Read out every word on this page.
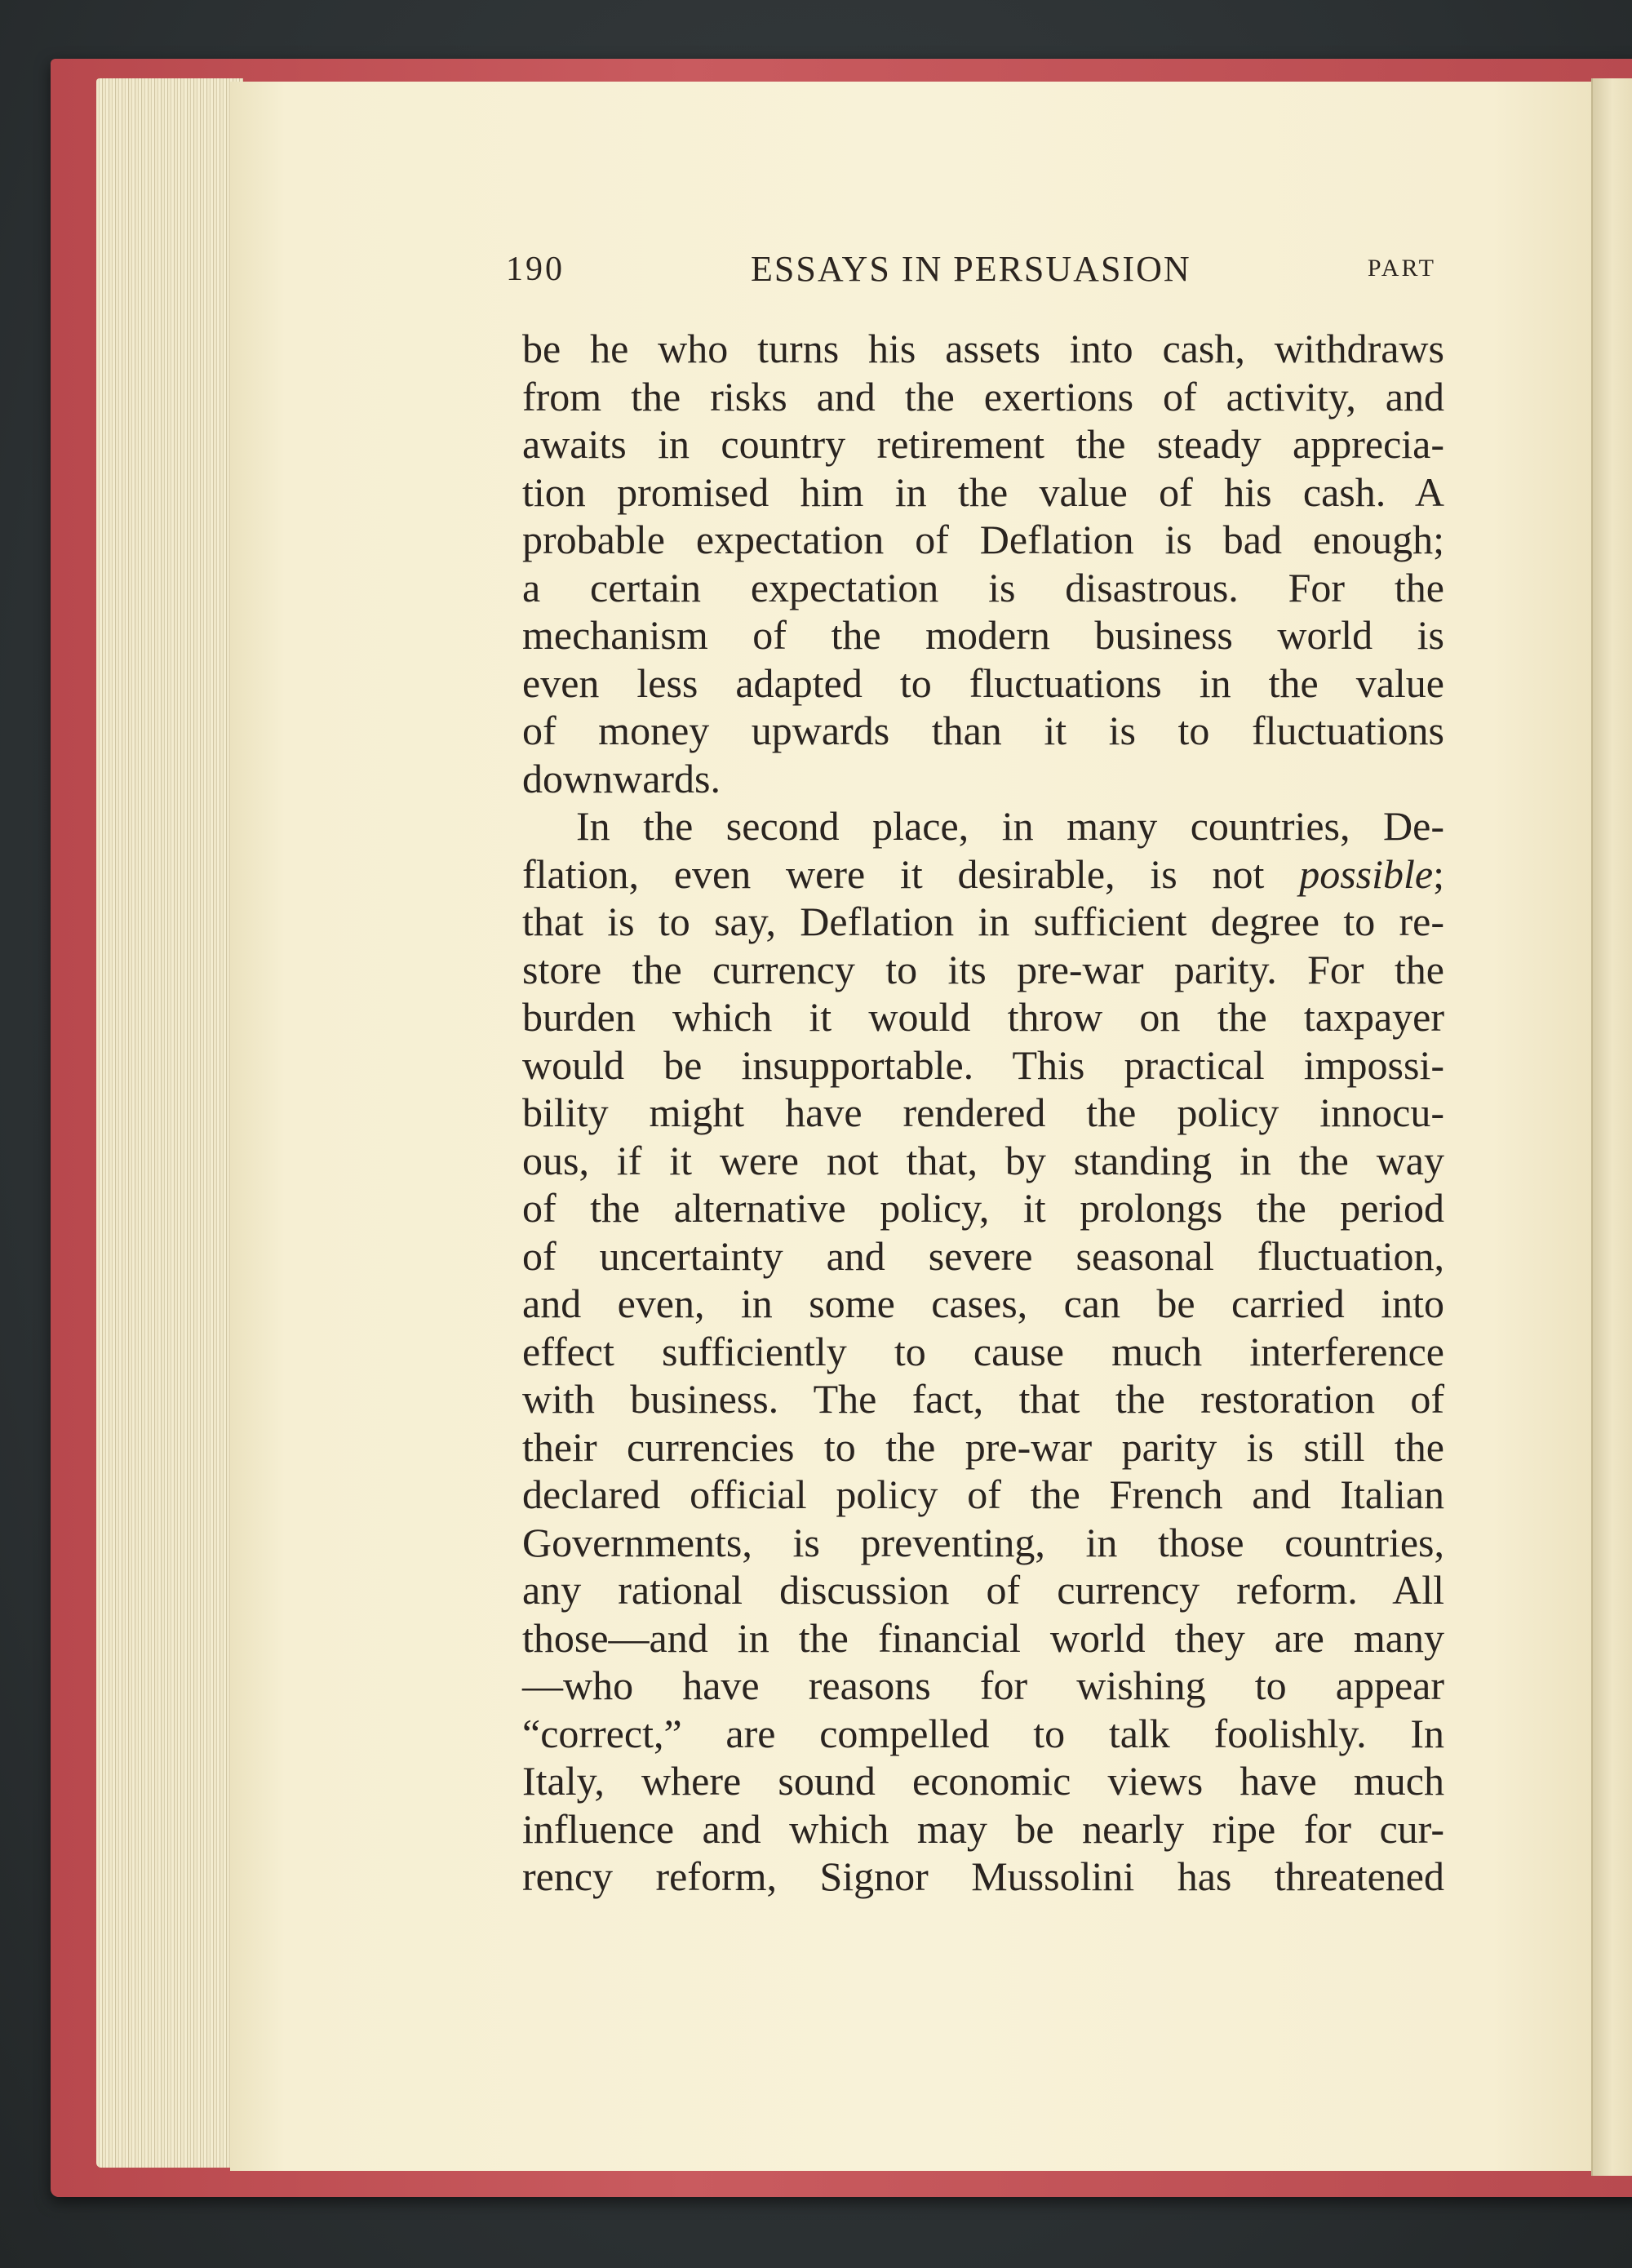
190	ESSAYS IN PERSUASION	PART
be he who turns his assets into cash, withdraws
from the risks and the exertions of activity, and
awaits in country retirement the steady apprecia-
tion promised him in the value of his cash. A
probable expectation of Deflation is bad enough;
a certain expectation is disastrous. For the
mechanism of the modern business world is
even less adapted to fluctuations in the value
of money upwards than it is to fluctuations
downwards.
In the second place, in many countries, De-
flation, even were it desirable, is not possible;
that is to say, Deflation in sufficient degree to re-
store the currency to its pre-war parity. For the
burden which it would throw on the taxpayer
would be insupportable. This practical impossi-
bility might have rendered the policy innocu-
ous, if it were not that, by standing in the way
of the alternative policy, it prolongs the period
of uncertainty and severe seasonal fluctuation,
and even, in some cases, can be carried into
effect sufficiently to cause much interference
with business. The fact, that the restoration of
their currencies to the pre-war parity is still the
declared official policy of the French and Italian
Governments, is preventing, in those countries,
any rational discussion of currency reform. All
those—and in the financial world they are many
—who have reasons for wishing to appear
“correct,” are compelled to talk foolishly. In
Italy, where sound economic views have much
influence and which may be nearly ripe for cur-
rency reform, Signor Mussolini has threatened
